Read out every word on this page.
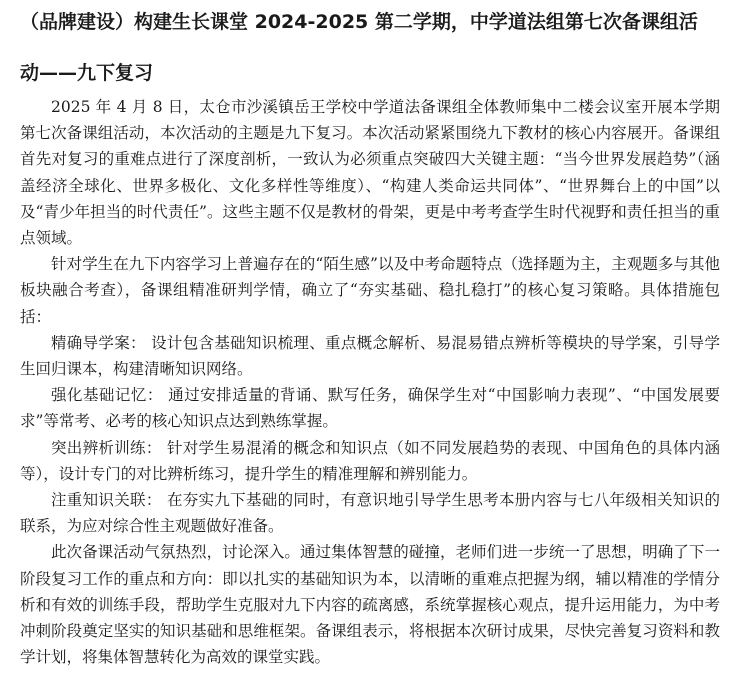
（品牌建设）构建生长课堂 2024-2025 第二学期，中学道法组第七次备课组活
动——九下复习

2025 年 4 月 8 日，太仓市沙溪镇岳王学校中学道法备课组全体教师集中二楼会议室开展本学期第七次备课组活动，本次活动的主题是九下复习。本次活动紧紧围绕九下教材的核心内容展开。备课组首先对复习的重难点进行了深度剖析，一致认为必须重点突破四大关键主题：“当今世界发展趋势”（涵盖经济全球化、世界多极化、文化多样性等维度）、“构建人类命运共同体”、“世界舞台上的中国”以及“青少年担当的时代责任”。这些主题不仅是教材的骨架，更是中考考查学生时代视野和责任担当的重点领域。

针对学生在九下内容学习上普遍存在的“陌生感”以及中考命题特点（选择题为主，主观题多与其他板块融合考查），备课组精准研判学情，确立了“夯实基础、稳扎稳打”的核心复习策略。具体措施包括：

精确导学案： 设计包含基础知识梳理、重点概念解析、易混易错点辨析等模块的导学案，引导学生回归课本，构建清晰知识网络。

强化基础记忆： 通过安排适量的背诵、默写任务，确保学生对“中国影响力表现”、“中国发展要求”等常考、必考的核心知识点达到熟练掌握。

突出辨析训练： 针对学生易混淆的概念和知识点（如不同发展趋势的表现、中国角色的具体内涵等），设计专门的对比辨析练习，提升学生的精准理解和辨别能力。

注重知识关联： 在夯实九下基础的同时，有意识地引导学生思考本册内容与七八年级相关知识的联系，为应对综合性主观题做好准备。

此次备课活动气氛热烈，讨论深入。通过集体智慧的碰撞，老师们进一步统一了思想，明确了下一阶段复习工作的重点和方向：即以扎实的基础知识为本，以清晰的重难点把握为纲，辅以精准的学情分析和有效的训练手段，帮助学生克服对九下内容的疏离感，系统掌握核心观点，提升运用能力，为中考冲刺阶段奠定坚实的知识基础和思维框架。备课组表示，将根据本次研讨成果，尽快完善复习资料和教学计划，将集体智慧转化为高效的课堂实践。
